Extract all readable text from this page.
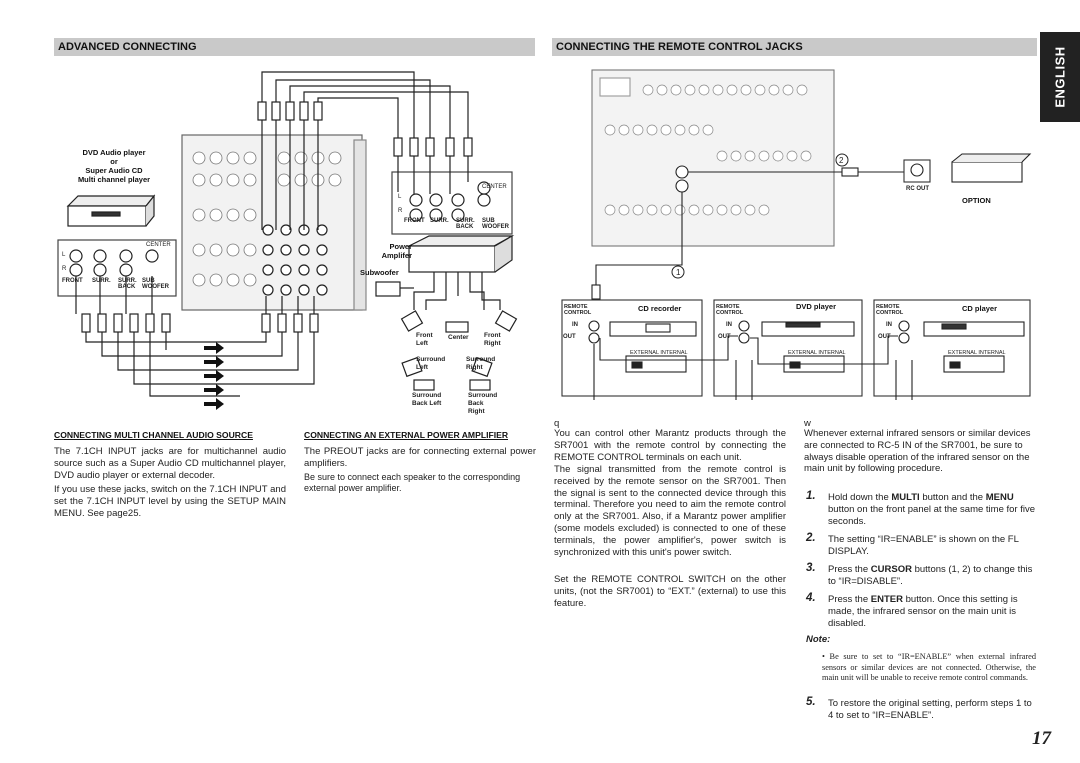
ADVANCED CONNECTING	CONNECTING THE REMOTE CONTROL JACKS	ENGLISH
DVD Audio player
or
Super Audio CD
Multi channel player
L
R
CENTER
FRONT SURR. SURR. BACK
SUB WOOFER
L
R
CENTER
FRONT SURR. SURR. BACK
SUB WOOFER
Power Amplifer
Subwoofer
Front Left
Center Front Right
Surround Left
Surround Right
Surround Back Left
Surround Back Right
CONNECTING MULTI CHANNEL AUDIO SOURCE
The 7.1CH INPUT jacks are for multichannel audio source such as a Super Audio CD multichannel player, DVD audio player or external decoder.
If you use these jacks, switch on the 7.1CH INPUT and set the 7.1CH INPUT level by using the SETUP MAIN MENU. See page25.
CONNECTING AN EXTERNAL POWER AMPLIFIER
The PREOUT jacks are for connecting external power amplifiers.
Be sure to connect each speaker to the corresponding external power amplifier.
2
1
RC OUT
OPTION
REMOTE CONTROL
REMOTE CONTROL
REMOTE CONTROL
IN
OUT
IN
OUT
IN
OUT
CD recorder	DVD player	CD player
EXTERNAL INTERNAL	EXTERNAL INTERNAL	EXTERNAL INTERNAL
q
You can control other Marantz products through the SR7001 with the remote control by connecting the REMOTE CONTROL terminals on each unit.
The signal transmitted from the remote control is received by the remote sensor on the SR7001. Then the signal is sent to the connected device through this terminal. Therefore you need to aim the remote control only at the SR7001. Also, if a Marantz power amplifier (some models excluded) is connected to one of these terminals, the power amplifier's, power switch is synchronized with this unit's power switch.
Set the REMOTE CONTROL SWITCH on the other units, (not the SR7001) to “EXT.” (external) to use this feature.
w
Whenever external infrared sensors or similar devices are connected to RC-5 IN of the SR7001, be sure to always disable operation of the infrared sensor on the main unit by following procedure.
1. Hold down the MULTI button and the MENU button on the front panel at the same time for five seconds.
2. The setting “IR=ENABLE” is shown on the FL DISPLAY.
3. Press the CURSOR buttons (1, 2) to change this to “IR=DISABLE”.
4. Press the ENTER button. Once this setting is made, the infrared sensor on the main unit is disabled.
Note:
• Be sure to set to “IR=ENABLE” when external infrared sensors or similar devices are not connected. Otherwise, the main unit will be unable to receive remote control commands.
5. To restore the original setting, perform steps 1 to 4 to set to “IR=ENABLE”.
17
